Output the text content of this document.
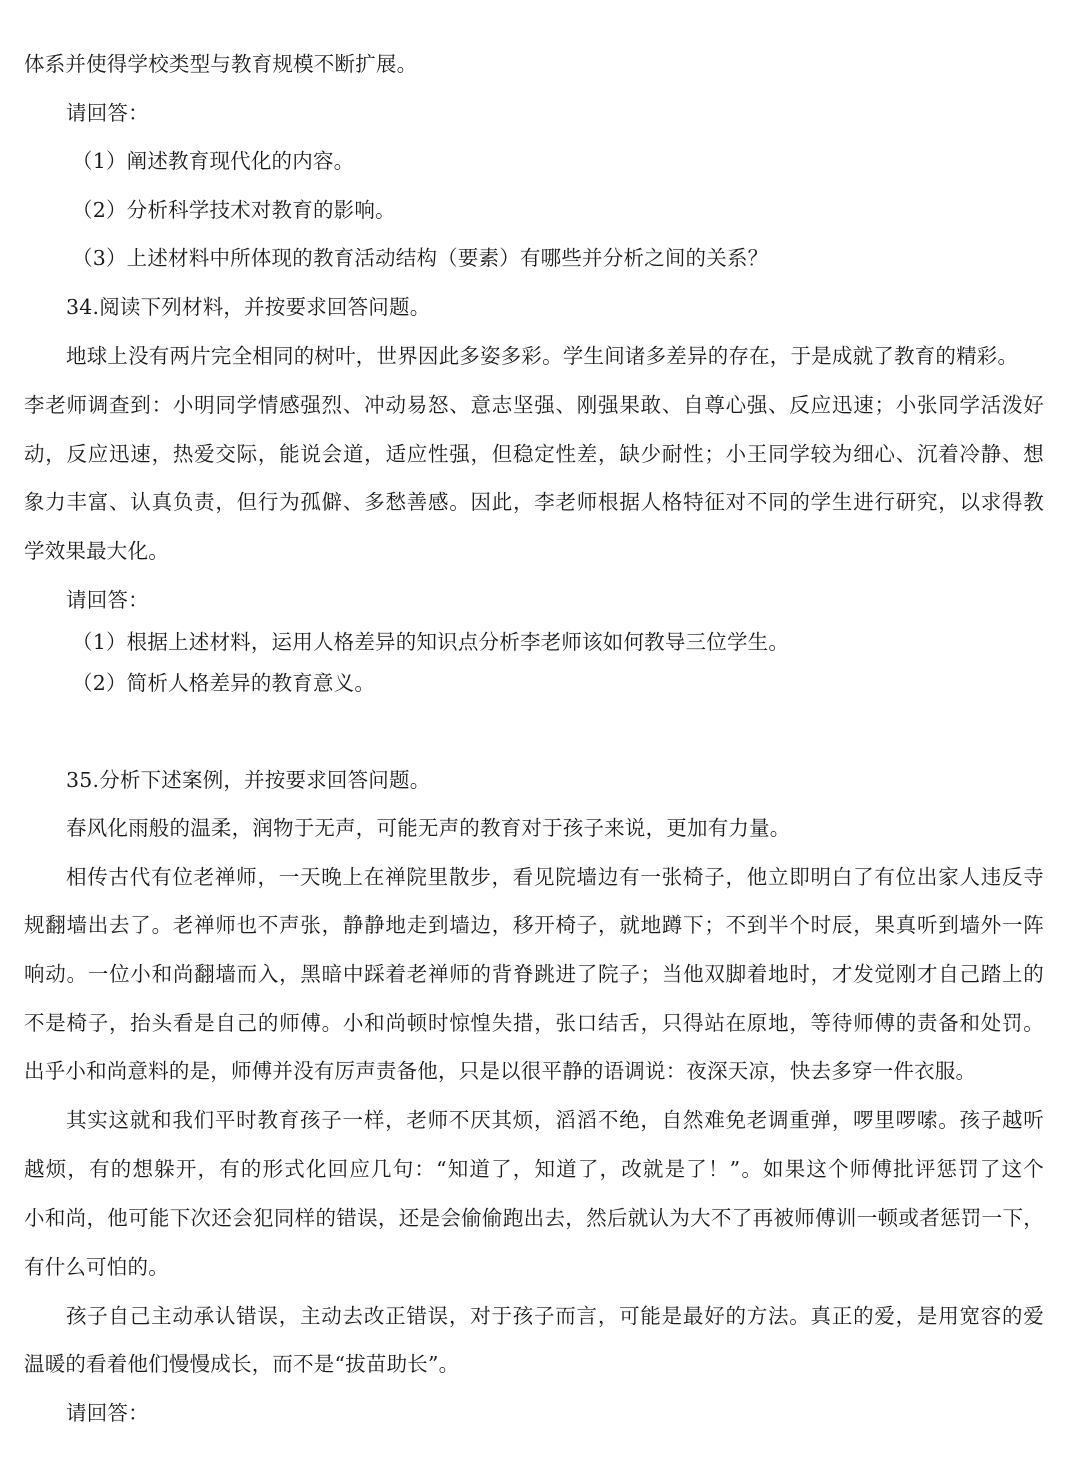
体系并使得学校类型与教育规模不断扩展。
请回答：
（1）阐述教育现代化的内容。
（2）分析科学技术对教育的影响。
（3）上述材料中所体现的教育活动结构（要素）有哪些并分析之间的关系？
34.阅读下列材料，并按要求回答问题。
地球上没有两片完全相同的树叶，世界因此多姿多彩。学生间诸多差异的存在，于是成就了教育的精彩。
李老师调查到：小明同学情感强烈、冲动易怒、意志坚强、刚强果敢、自尊心强、反应迅速；小张同学活泼好
动，反应迅速，热爱交际，能说会道，适应性强，但稳定性差，缺少耐性；小王同学较为细心、沉着冷静、想
象力丰富、认真负责，但行为孤僻、多愁善感。因此，李老师根据人格特征对不同的学生进行研究，以求得教
学效果最大化。
请回答：
（1）根据上述材料，运用人格差异的知识点分析李老师该如何教导三位学生。
（2）简析人格差异的教育意义。
35.分析下述案例，并按要求回答问题。
春风化雨般的温柔，润物于无声，可能无声的教育对于孩子来说，更加有力量。
相传古代有位老禅师，一天晚上在禅院里散步，看见院墙边有一张椅子，他立即明白了有位出家人违反寺
规翻墙出去了。老禅师也不声张，静静地走到墙边，移开椅子，就地蹲下；不到半个时辰，果真听到墙外一阵
响动。一位小和尚翻墙而入，黑暗中踩着老禅师的背脊跳进了院子；当他双脚着地时，才发觉刚才自己踏上的
不是椅子，抬头看是自己的师傅。小和尚顿时惊惶失措，张口结舌，只得站在原地，等待师傅的责备和处罚。
出乎小和尚意料的是，师傅并没有厉声责备他，只是以很平静的语调说：夜深天凉，快去多穿一件衣服。
其实这就和我们平时教育孩子一样，老师不厌其烦，滔滔不绝，自然难免老调重弹，啰里啰嗦。孩子越听
越烦，有的想躲开，有的形式化回应几句：“知道了，知道了，改就是了！”。如果这个师傅批评惩罚了这个
小和尚，他可能下次还会犯同样的错误，还是会偷偷跑出去，然后就认为大不了再被师傅训一顿或者惩罚一下，
有什么可怕的。
孩子自己主动承认错误，主动去改正错误，对于孩子而言，可能是最好的方法。真正的爱，是用宽容的爱
温暖的看着他们慢慢成长，而不是“拔苗助长”。
请回答：
